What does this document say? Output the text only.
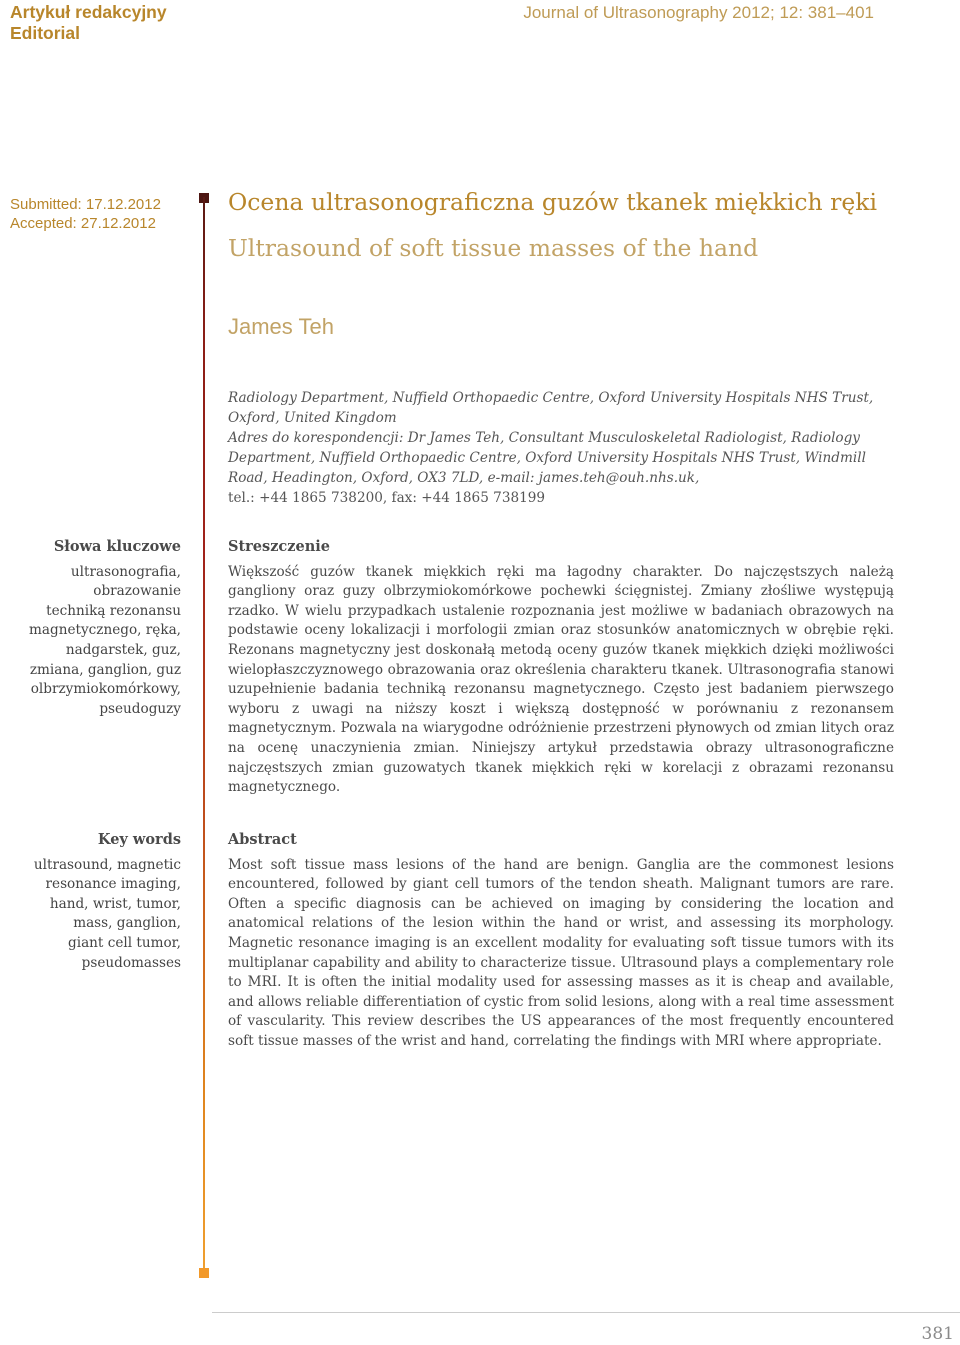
Artykuł redakcyjny
Editorial
Journal of Ultrasonography 2012; 12: 381–401
Submitted: 17.12.2012
Accepted: 27.12.2012
Ocena ultrasonograficzna guzów tkanek miękkich ręki
Ultrasound of soft tissue masses of the hand
James Teh

Radiology Department, Nuffield Orthopaedic Centre, Oxford University Hospitals NHS Trust, Oxford, United Kingdom

Adres do korespondencji: Dr James Teh, Consultant Musculoskeletal Radiologist, Radiology Department, Nuffield Orthopaedic Centre, Oxford University Hospitals NHS Trust, Windmill Road, Headington, Oxford, OX3 7LD, e-mail: james.teh@ouh.nhs.uk,

tel.: +44 1865 738200, fax: +44 1865 738199

Słowa kluczowe
ultrasonografia,
obrazowanie
techniką rezonansu
magnetycznego, ręka,
nadgarstek, guz,
zmiana, ganglion, guz
olbrzymiokomórkowy,
pseudoguzy
Streszczenie

Większość guzów tkanek miękkich ręki ma łagodny charakter. Do najczęstszych należą gangliony oraz guzy olbrzymiokomórkowe pochewki ścięgnistej. Zmiany złośliwe występują rzadko. W wielu przypadkach ustalenie rozpoznania jest możliwe w badaniach obrazowych na podstawie oceny lokalizacji i morfologii zmian oraz stosunków anatomicznych w obrębie ręki. Rezonans magnetyczny jest doskonałą metodą oceny guzów tkanek miękkich dzięki możliwości wielopłaszczyznowego obrazowania oraz określenia charakteru tkanek. Ultrasonografia stanowi uzupełnienie badania techniką rezonansu magnetycznego. Często jest badaniem pierwszego wyboru z uwagi na niższy koszt i większą dostępność w porównaniu z rezonansem magnetycznym. Pozwala na wiarygodne odróżnienie przestrzeni płynowych od zmian litych oraz na ocenę unaczynienia zmian. Niniejszy artykuł przedstawia obrazy ultrasonograficzne najczęstszych zmian guzowatych tkanek miękkich ręki w korelacji z obrazami rezonansu magnetycznego.

Key words
ultrasound, magnetic
resonance imaging,
hand, wrist, tumor,
mass, ganglion,
giant cell tumor,
pseudomasses
Abstract

Most soft tissue mass lesions of the hand are benign. Ganglia are the commonest lesions encountered, followed by giant cell tumors of the tendon sheath. Malignant tumors are rare. Often a specific diagnosis can be achieved on imaging by considering the location and anatomical relations of the lesion within the hand or wrist, and assessing its morphology. Magnetic resonance imaging is an excellent modality for evaluating soft tissue tumors with its multiplanar capability and ability to characterize tissue. Ultrasound plays a complementary role to MRI. It is often the initial modality used for assessing masses as it is cheap and available, and allows reliable differentiation of cystic from solid lesions, along with a real time assessment of vascularity. This review describes the US appearances of the most frequently encountered soft tissue masses of the wrist and hand, correlating the findings with MRI where appropriate.

381
